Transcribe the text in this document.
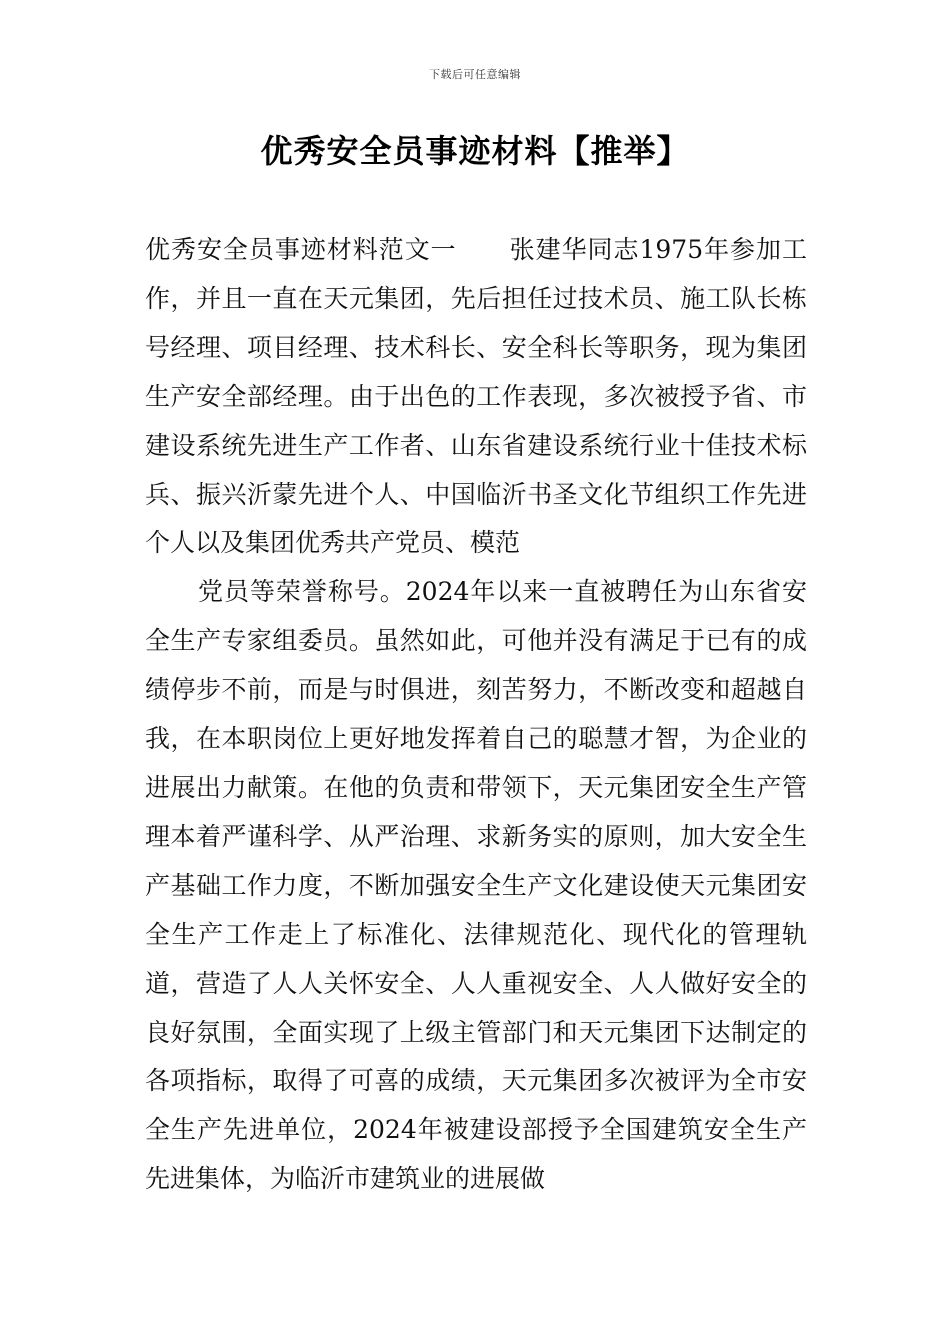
下载后可任意编辑
优秀安全员事迹材料【推举】

优秀安全员事迹材料范文一 张建华同志1975年参加工作，并且一直在天元集团，先后担任过技术员、施工队长栋号经理、项目经理、技术科长、安全科长等职务，现为集团生产安全部经理。由于出色的工作表现，多次被授予省、市建设系统先进生产工作者、山东省建设系统行业十佳技术标兵、振兴沂蒙先进个人、中国临沂书圣文化节组织工作先进个人以及集团优秀共产党员、模范

党员等荣誉称号。2024年以来一直被聘任为山东省安全生产专家组委员。虽然如此，可他并没有满足于已有的成绩停步不前，而是与时俱进，刻苦努力，不断改变和超越自我，在本职岗位上更好地发挥着自己的聪慧才智，为企业的进展出力献策。在他的负责和带领下，天元集团安全生产管理本着严谨科学、从严治理、求新务实的原则，加大安全生产基础工作力度，不断加强安全生产文化建设使天元集团安全生产工作走上了标准化、法律规范化、现代化的管理轨道，营造了人人关怀安全、人人重视安全、人人做好安全的良好氛围，全面实现了上级主管部门和天元集团下达制定的各项指标，取得了可喜的成绩，天元集团多次被评为全市安全生产先进单位，2024年被建设部授予全国建筑安全生产先进集体，为临沂市建筑业的进展做
